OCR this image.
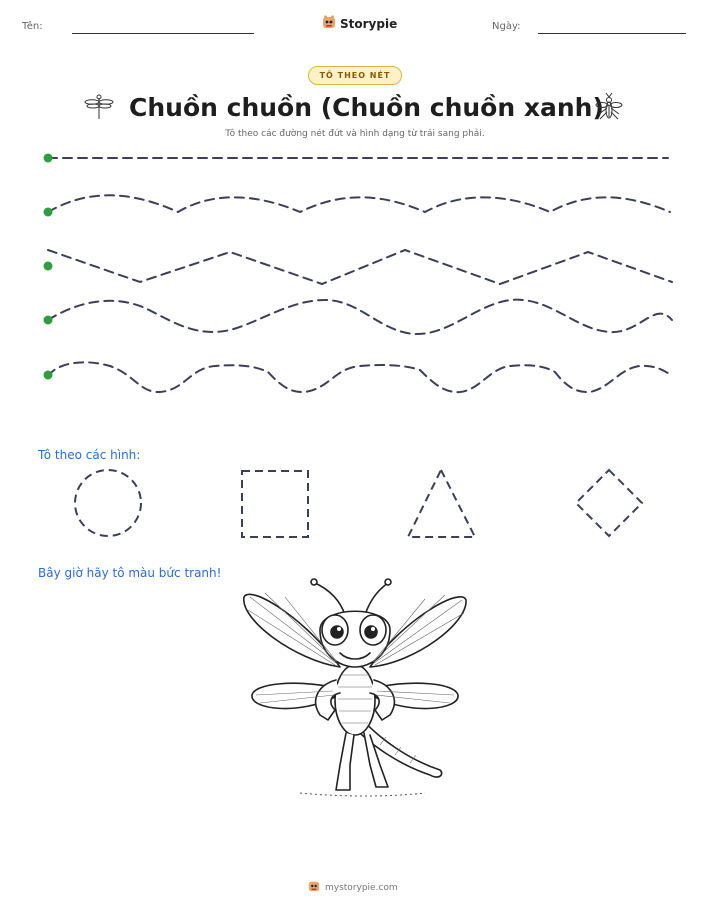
Tên:	Storypie	Ngày:
TÔ THEO NÉT
Chuồn chuồn (Chuồn chuồn xanh)
Tô theo các đường nét đứt và hình dạng từ trái sang phải.
Tô theo các hình:
Bây giờ hãy tô màu bức tranh!
mystorypie.com
